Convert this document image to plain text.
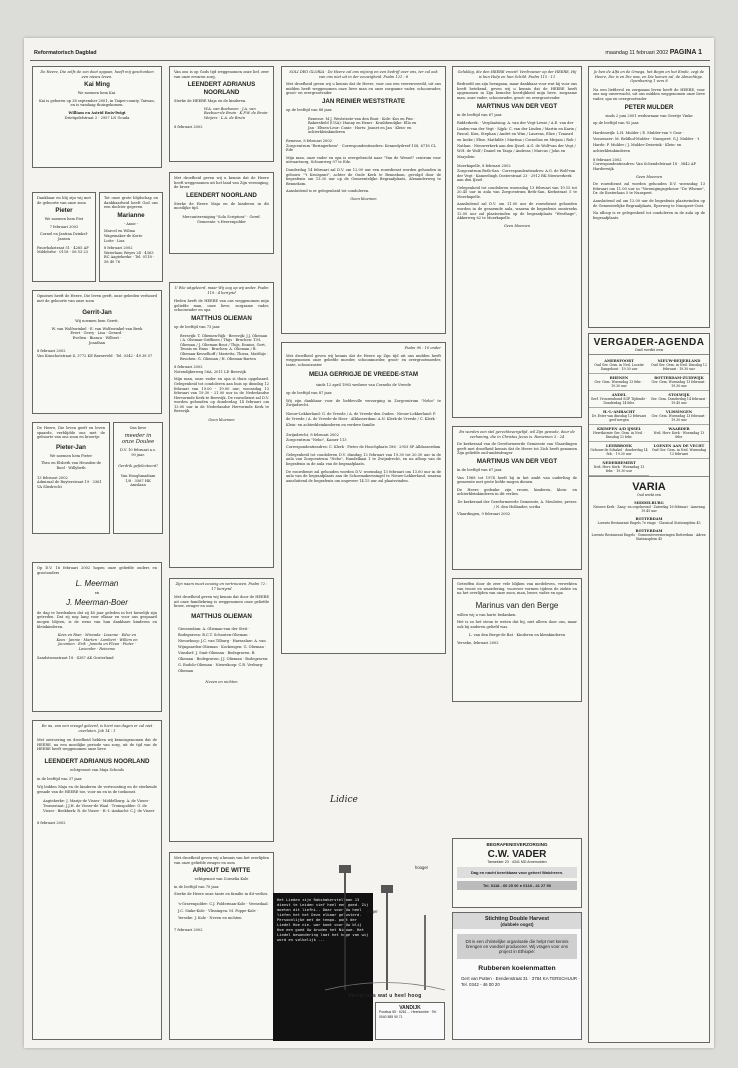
Reformatorisch Dagblad	maandag 11 februari 2002 PAGINA 1
De Heere, Die zelfs de zon doet opgaan, heeft mij geschonken een nieuw leven.
Kai Ming
We noemen hem Kai.
Kai is geboren op 28 september 2001, in Taipei-county, Taiwan, en is vandaag thuisgekomen.
William en Astrid Buis-Twigt
Drietipdelstraat 2 · 2957 LN Gouda
Dankbaar en blij zijn wij met de geboorte van onze zoon
Pieter
We noemen hem Piet
7 februari 2002
Cornel en Jantina Dzinkel-Jansen
Pauwhokstraat 51 · 4265 AP Mildebrhe · 0118 - 56 53 23
Tot onze grote blijdschap en dankbaarheid heeft God ons een dochter gegeven
Marianne
- Anne -
Marcel en Wilma Wagemaker-de Korte
Lotte · Lisa
8 februari 2002
Waterlaan Weyes 24 · 4363 BC Aagtekerke · Tel. 0118 - 58 40 76
Opnieuw heeft de Heere, Die leven geeft, onze gebeden verhoord met de geboorte van onze zoon
Gerrit-Jan
Wij noemen hem Gerrit.
W. van Wolfswinkel · E. van Wolfswinkel-van Beek
Evert · Gerry · Lisa · Gerard · Evelien · Bianca · Wilbert · Jonathan
8 februari 2002
Van Kinschotstraat 4, 3772 KE Barneveld · Tel. 0342 - 49 38 57
De Heere, Die leven geeft en leven spaarde, verblijdde ons met de geboorte van ons zoon en broertje
Pieter-Jan
We noemen hem Pieter
Theo en Elsbeth van Heusden-de Roef · Willybeth
13 februari 2002
Admiraal de Ruyterstraat 19 · 3361 VA Sliedrecht
Ons lieve
meeder in onze Doulee
D.V. 10 februari a.s.
90 jaar.
Gerdrik gefeliciteerd!
Van Hooghmadiam 1/8 · 3567 HK Amslaan
Op D.V. 16 februari 2002 hopen onze geliefde ouders en grootouders
L. Meerman
en
J. Meerman-Boer
de dag te herdenken dat zij 40 jaar geleden in het huwelijk zijn getreden. Dat zij nog lang voor elkaar en voor ons gespaard mogen blijven, is de wens van hun dankbare kinderen en kleinkinderen.
Kees en Rian · Miranda · Lisanne · Edze en Kees · Jannie · Marten · Lambert · Willem en Jacomien · Erik · Jannita en Fleun · Pieter · Lavender · Reineme
Sandstromstraat 18 · 4387 AK Oosterland
En nu, van een vreugd geleerd, is hiert van dagen er zal niet overlaten. Job 14 : 1
Met ontroering en droefheid hebben wij kennisgenomen dat de HEERE, na een moeilijke periode van zorg, uit de tijd van de HEERE heeft weggenomen onze lieve
LEENDERT ADRIANUS NOORLAND
echtgenoot van Maja Schouls
in de leeftijd van 37 jaar.
Wij bidden Maja en de kinderen de vertroosting en de sterkende genade van de HEERE toe, voor nu en in de toekomst.
Aagtekerke: J. Marijs-de Visser · Middelburg: A. de Visser · Tromsstaat: J.J.H. de Visser-de Waal · Tromspolder: G. de Visser · Beekkerk: R. de Visser · H.-I.-Ambacht: C.J. de Visser
8 februari 2002
Van ons is op Gods tijd weggenomen onze lief, zeer van onze ervaren zorg,
LEENDERT ADRIANUS NOORLAND
Sterke de HEERE Maja en de kinderen.
W.A. van Boeboven · J.A. van Beeboer-de Bruin · K.P.W. de Bruin-Weijers · L.A. de Bruin
8 februari 2002
Met droefheid geven wij u kennis dat de Heere heeft weggenomen uit het land van Zijn vereniging, de broer
LEENDERT NOORLAND
Sterke de Heere Maja en de kinderen in dit moeilijke tijd.
Mercantereniging "Sola Scriptura" · Geref. Gemeente 's Heerenpolder
U Wie uitgeleerd, maar Wij oog op wij ander. Psalm 119 : 4 beriyrid
Heden heeft de HEERE van ons weggenomen mijn geliefde man, onze lieve, zorgzame vader, schoonvader en opa
MATTHIJS OLIEMAN
op de leeftijd van 73 jaar.
Beesvijk: T. Oliemen-Rijk · Beesvijk: J.J. Olieman / A. Olieman-Griffioen / Thijs · Bruchen: T.M. Olieman / J. Olieman-Bout / Thijs, Ennius, Gert, Teunis en Hans · Bruchen: A. Olieman / B. Olieman-Kesselhoff / Marietta, Thirza, Matthijs · Bruchen: G. Olieman / H. Olieman-Barten
8 februari 2002
Notendijkerweg 56A, 2011 LD Beesvijk
Mijn man, onze vader en opa is thuis opgebaard. Gelegenheid tot condoleren aan huis op dinsdag 12 februari van 19.00 - 19.00 uur; woensdag 13 februari van 19.30 - 21.00 uur in de Nederlandse Hervormde Kerk te Beesvijk. De rouwdienst zal D.V. worden gehouden op donderdag 14 februari om 13.00 uur in de Nederlandse Hervormde Kerk te Beesvijk.
Geen bloemen
Zijn naam moet eeuwig en vertrouwen. Psalm 72 : 17 beriyrid
Met droefheid geven wij kennis dat door de HEERE uit onze familiekring is weggenomen onze geliefde broer, zwager en oom
MATTHIJS OLIEMAN
Giessendam: A. Olieman-van der Steit · Bodegraven: B.C.T. Schouten-Olieman · Nieuwkoop: J.C. van Tilburg · Harnsslaw: A. van Wijngaarden-Olieman · Kockengen: G. Olieman · Vinsdorf: J. Smit-Olieman · Bodegraven: B. Olieman · Bodegraven: J.J. Olieman · Bodegraven: G. Rodolo-Olieman · Nieuwkoop: C.R. Verburg-Olieman
Neven en nichten
Met droefheid geven wij u kennis van het overlijden van onze geliefde zwager en oom
ARNOUT DE WITTE
echtgenoot van Cornelia Kole
in de leeftijd van 70 jaar.
Sterke de Heere onze tante en familie in dit verlies.
's-Gravenpolder: C.J. Polderman-Kole · Veenedaal: J.C. Sinke-Kole · Vlissingen: M. Poppe-Kole · Yerseke: J. Kole · Neven en nichten
7 februari 2002
SOLI DEO GLORIA · De Heere zal ons wijzing en een bedrijf over ons, ter zal ook van ons niet uit in der eeuwigheid. Psalm 121 : 8
Met droefheid geven wij u kennis dat de Heere, voor ons een veerenvreedd, uit ons midden heeft weggenomen onze lieve man en onze zorgzame vader, schoonvader, groot- en overgrootvader
JAN REINIER WESTSTRATE
op de leeftijd van 88 jaar.
Renesse: M.J. Weststrate-van den Bout · Kole: Kos en Pim · Bakersfield (USA): Hanny en Henri · Kruibbendijke: Ella en Jan · Eltsen-Leur: Conie · Horts: Joanet en Jan · Klein- en achterkleinkinderen
Renesse, 8 februari 2002
Zorgcentrum "Beringerhem" · Correspondentieadres: Kennedydreef 158, 6716 CL Ede
Mijn man, onze vader en opa is overgebracht naar "Van de Wessel" centrum voor uitvaartzorg, Schuurweg 97 te Ede.
Donderdag 14 februari zal D.V. om 12.00 uur een rouwdienst worden gehouden in gebouw "'t Kruispunt", achter de Oude Kerk te Bennekom, gevolgd door de begrafenis om 13.30 uur op de Gemeentelijke Begraafplaats, Alexanderweg te Bennekom.
Aansluitend is er gelegenheid tot condoleren.
Geen bloemen
Psalm 90 : 10 onder
Met droefheid geven wij kennis dat de Heere op Zijn tijd uit ons midden heeft weggenomen onze geliefde moeder, schoonmoeder, groot- en overgrootmoeder, tante, schoonzuster
MEIJA GERRIGJE DE VREEDE-STAM
sinds 12 april 1983 weduwe van Cornelis de Vreede
op de leeftijd van 87 jaar.
Wij zijn dankbaar voor de liefdevolle verzorging in Zorgcentrum "Nebo" te Zwijndrecht.
Nieuw-Lekkerland: G. de Vreede / A. de Vreede-den Ouden · Nieuw-Lekkerland: P. de Vreede / A. de Vreede-de Heer · Alblasserdam: A.N. Klerk-de Vreede / C. Klerk · Klein- en achterkleinkinderen en verdere familie
Zwijndrecht, 8 februari 2002
Zorgcentrum "Nebo", Kamer 113
Correspondentieadres: C. Klerk · Pieter de Hoochplaats 186 · 2953 SP Alblasserdam
Gelegenheid tot condoleren D.V. dinsdag 12 februari van 19.30 tot 20.30 uur in de aula van Zorgcentrum "Nebo", Handelkaai 1 te Zwijndrecht, en na afloop van de begrafenis in de aula van de begraafplaats.
De rouwdienst zal gehouden worden D.V. woensdag 13 februari om 13.00 uur in de aula van de begraafplaats aan de Schoemakerssingel te Nieuw-Lekkerland, waarna aansluitend de begrafenis om ongeveer 14.15 uur zal plaatsvinden.
Lidice
Het Lieden zijn Rakshakerstellaan 13 dienst te Leiden vief heel een goed. Zij moeten dit liefhi.. Daar voor Uw heel liefen het het Deze elkaar gelusterd. Persoonlijke met de tempo- pont der Liedel Hoe nie- war komt voor Uw blij Hoe een goed Uw bruden het Nieuwe. Het Liedel bewondering laat het hoge van wij word en volkelijk ...
hooger
hoger
Vertel ons wat u heel hoog
VANDIJK
Postbus 55 · 6261 ... Heerkombe · Tel. 0040 585 90 71
Gelukkig, die den HEERE vreest! Verdrouwer op der HEERE, Hij is hun Hulp en hun Schild. Psalm 115 : 11
Bedroefd om zijn heengaan, maar dankbaar voor wat hij voor ons heeft betekend, geven wij u kennis dat de HEERE heeft opgenomen in Zijn hemelse heerlijkheid mijn lieve, zorgzame man, onze vader, schoonvader, groot- en overgrootvader
MARTINUS VAN DER VEGT
in de leeftijd van 67 jaar.
Ridderkerk: · Verplaatsing: A. van der Vegt-Lewie / A.E. van der Linden-van der Vegt · Sijpk: C. van der Linden / Martin en Karin / Pascal, Kira, Stephan / André en Wim / Laurens, Elize / Tzaasrd en Ineke / Elise, Mathilde / Martina / Cornelius en Mirjam / Rob / Nathan · Nieuwerkerk aan den IJssel: A.G. de Wolf-van der Vegt / W.H. de Wolf / Daniel en Tanja / Andreas / Marcus / John en Marjolein
Moerkapelle, 8 februari 2002
Zorgcentrum Beth-San · Correspondentieadres: A.G. de Wolf-van der Vegt · Kameelingh Oosterstraat 23 · 2912 RK Nieuwerkerk aan den IJssel
Gelegenheid tot condoleren woensdag 13 februari van 19.15 tot 20.45 uur in aula van Zorgcentrum Beth-San, Kerkstraat 5 te Moerkapelle.
Aansluitend zal D.V. om 11.00 uur de rouwdienst gehouden worden in de genoemde aula, waarna de begrafenis omstreeks 12.00 uur zal plaatsvinden op de begraafplaats "Westhage", Akkerweg 62 te Moerkapelle.
Geen bloemen
En worden een stel gerechtsvergelijd, wil Zijn gewode, door de verhaning, die in Christus Jezus is. Romeinen 3 : 24
De kerkeraad van de Gereformeerde Gemeente van Vlaardingen geeft met droefheid kennis dat de Heere tot Zich heeft genomen Zijn geliefde oud-ambtsdrager
MARTINUS VAN DER VEGT
in de leeftijd van 67 jaar.
Van 1968 tot 1974 heeft hij in het ambt van ouderling de gemeente met grote liefde mogen dienen.
De Heere gedenke zijn vrouw, kinderen, klein- en achterkleinkinderen in dit verlies.
De kerkeraad der Gereformeerde Gemeente, A. Meulstee, preses / N. den Hollander, scriba
Vlaardingen, 9 februari 2002
Getroffen door de zeer vele blijken van medeleven, verwekten van troost en waardering, voorover vormen tijdens de ziekte en na het overlijden van onze zoon, man, broer, vader en opa
Marinus van den Berge
willen wij u van harte bedanken.
Het is zo het steun te weten dat bij, niet alleen door ons, maar ook bij anderen geliefd was.
L. van den Berge-de Bat · Kinderen en kleinkinderen
Yerseke, februari 2002
BEGRAFENISVERZORGING
C.W. VADER
Tarwekker 23 · 4341 MD Arnemuiden
Dag en nacht bereikbaar voor geheel Walcheren.
Tel. 0118 - 60 25 00 ● 0118 - 41 27 50
Stichting Double Harvest
(dubbele oogst)
Dit is een christelijke organisatie die helpt met kennis brengen en voedsel producerer. Wij vragen voor ons project in Ethiopië:
Rubberen koelenmatten
Gert van Putten · Eendenstraat 31 · 3784 KA TERSCHUUR · Tel. 0342 - 46 00 20
Je ben de Alfa en de Omega, het Begin en het Einde, zegt de Heere, Die is en Die was, en Die komen zal, de Almachtige. Openbaring 1 vers 8
Na een liefdevol en zorgzaam leven heeft de HEERE, voor ons nog onverwacht, uit ons midden weggenomen onze lieve vader, opa en overgrootvader
PETER MULDER
sinds 2 juni 2001 weduwnaar van Geertje Vinke
op de leeftijd van 92 jaar.
Hardenwijk: L.H. Mulder / E. Mulder-van 't Goor · Vossemeer: M. Beldhof-Mulder · Nunspeet: G.J. Mulder · 't Harde: P. Mulder / J. Mulder-Zwierink · Klein- en achterkleinkinderen
8 februari 2002
Correspondentieadres: Van Schendelstraat 18 · 3842 AP Harderwijk
Geen bloemen
De rouwdienst zal worden gehouden D.V. woensdag 13 februari om 11.00 uur in "Verenigingsgebouw "De Wheme", Dr. de Bosterlaan 5 te Nunspeet.
Aansluitend zal om 12.00 uur de begrafenis plaatsvinden op de Gemeentelijke Begraafplaats, Eperweg te Nunspeet-Oost.
Na afloop is er gelegenheid tot condoleren in de aula op de begraafplaats.
VERGADER-AGENDA
Oud werkt een
AMERSFOORT
Oud Ger. Gem. in Ned. Locatie Dangehout · 19.30 uur
NIEUW-BEIJERLAND
Oud Ger. Gem. in Ned. Dinsdag 12 februari · 19.30 uur
RHENEN
Ger. Gem. Woensdag 13 febr. · 19.30 uur
ROTTERDAM-ZUIDWIJK
Ger. Gem. Woensdag 13 februari · 19.30 uur
ANDEL
Gerf. Vrouwenbond SGP Tijdende · Donderdag 14 febr.
STOLWIJK
Ger. Gem. Donderdag 14 februari · 19.45 uur
H.-I.-AMBACHT
Dr. Ester van dinsdag 12 februari geef nergen
VLISSINGEN
Ger. Gem. Woensdag 13 februari · 19.30 uur
KRIMPEN A/D IJSSEL
Herrikicmte Ger. Gem. in Ned. · Dinsdag 12 febr.
WAARDER
Ned. Herv. Kerk · Woensdag 13 febr.
LEERBROEK
Gebouw de Schakel · donderdag 14 feb. · 19.30 uur
LOENEN AAN DE VECHT
Oud Ger. Gem. in Ned. Woensdag 13 februari
NEDERHEMERT
Ned. Herv. Kerk · Woensdag 13 febr. · 19.30 uur
VARIA
Oud werkt een
MIDDELBURG
Nieuwe Kerk · Zang- en orgelavond · Zaterdag 16 februari · Aanvang 19.45 uur
ROTTERDAM
Lorentz Restaurant Engels 7e etage · Classical Stationsplein 45
ROTTERDAM
Lorentz Restaurant Engels · Gemeenteversieringen Rotterdam · Adres: Stationsplein 45
